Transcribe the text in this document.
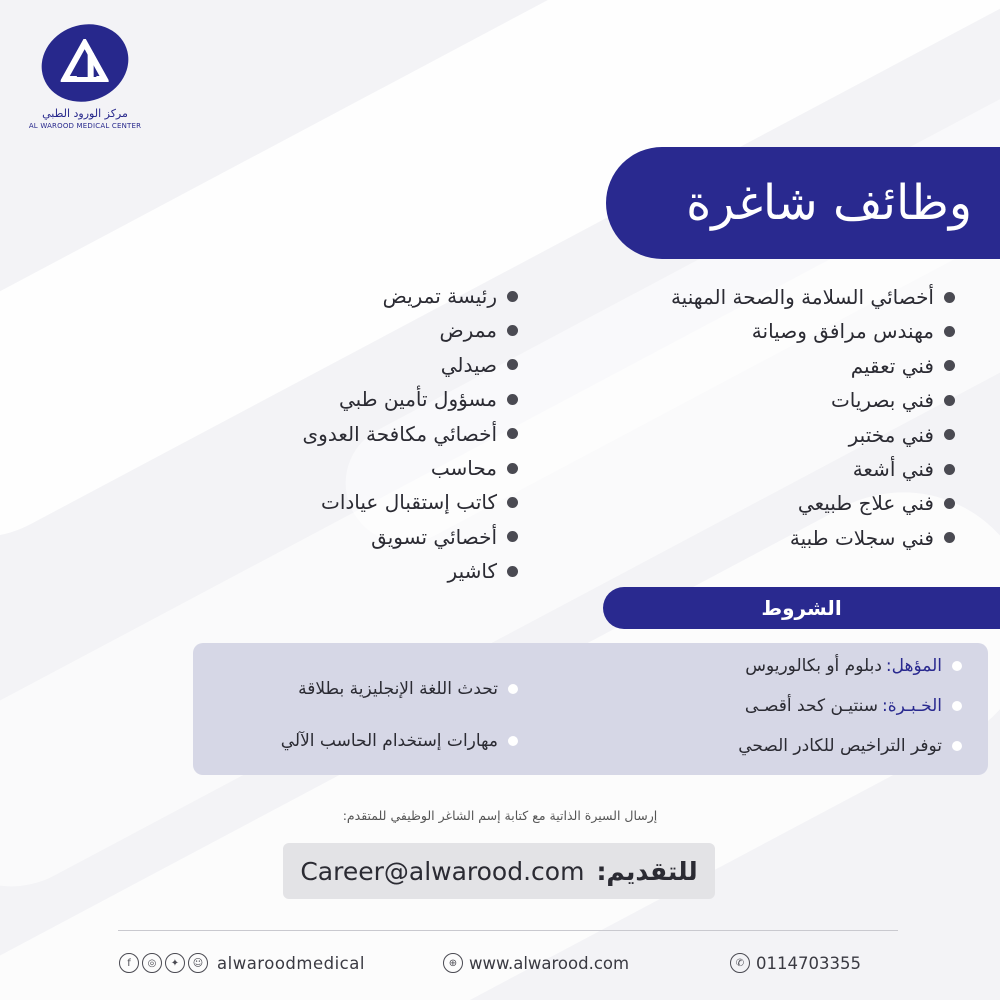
مركز الورود الطبي
AL WAROOD MEDICAL CENTER
وظائف شاغرة
أخصائي السلامة والصحة المهنية
مهندس مرافق وصيانة
فني تعقيم
فني بصريات
فني مختبر
فني أشعة
فني علاج طبيعي
فني سجلات طبية
رئيسة تمريض
ممرض
صيدلي
مسؤول تأمين طبي
أخصائي مكافحة العدوى
محاسب
كاتب إستقبال عيادات
أخصائي تسويق
كاشير
الشروط
المؤهل:
دبلوم أو بكالوريوس
الخـبـرة:
سنتيـن كحد أقصـى
توفر التراخيص للكادر الصحي
تحدث اللغة الإنجليزية بطلاقة
مهارات إستخدام الحاسب الآلي
إرسال السيرة الذاتية مع كتابة إسم الشاغر الوظيفي للمتقدم:
Career@alwarood.com للتقديم:
f	◎	✦	☺ alwaroodmedical	⊕ www.alwarood.com	✆ 0114703355
